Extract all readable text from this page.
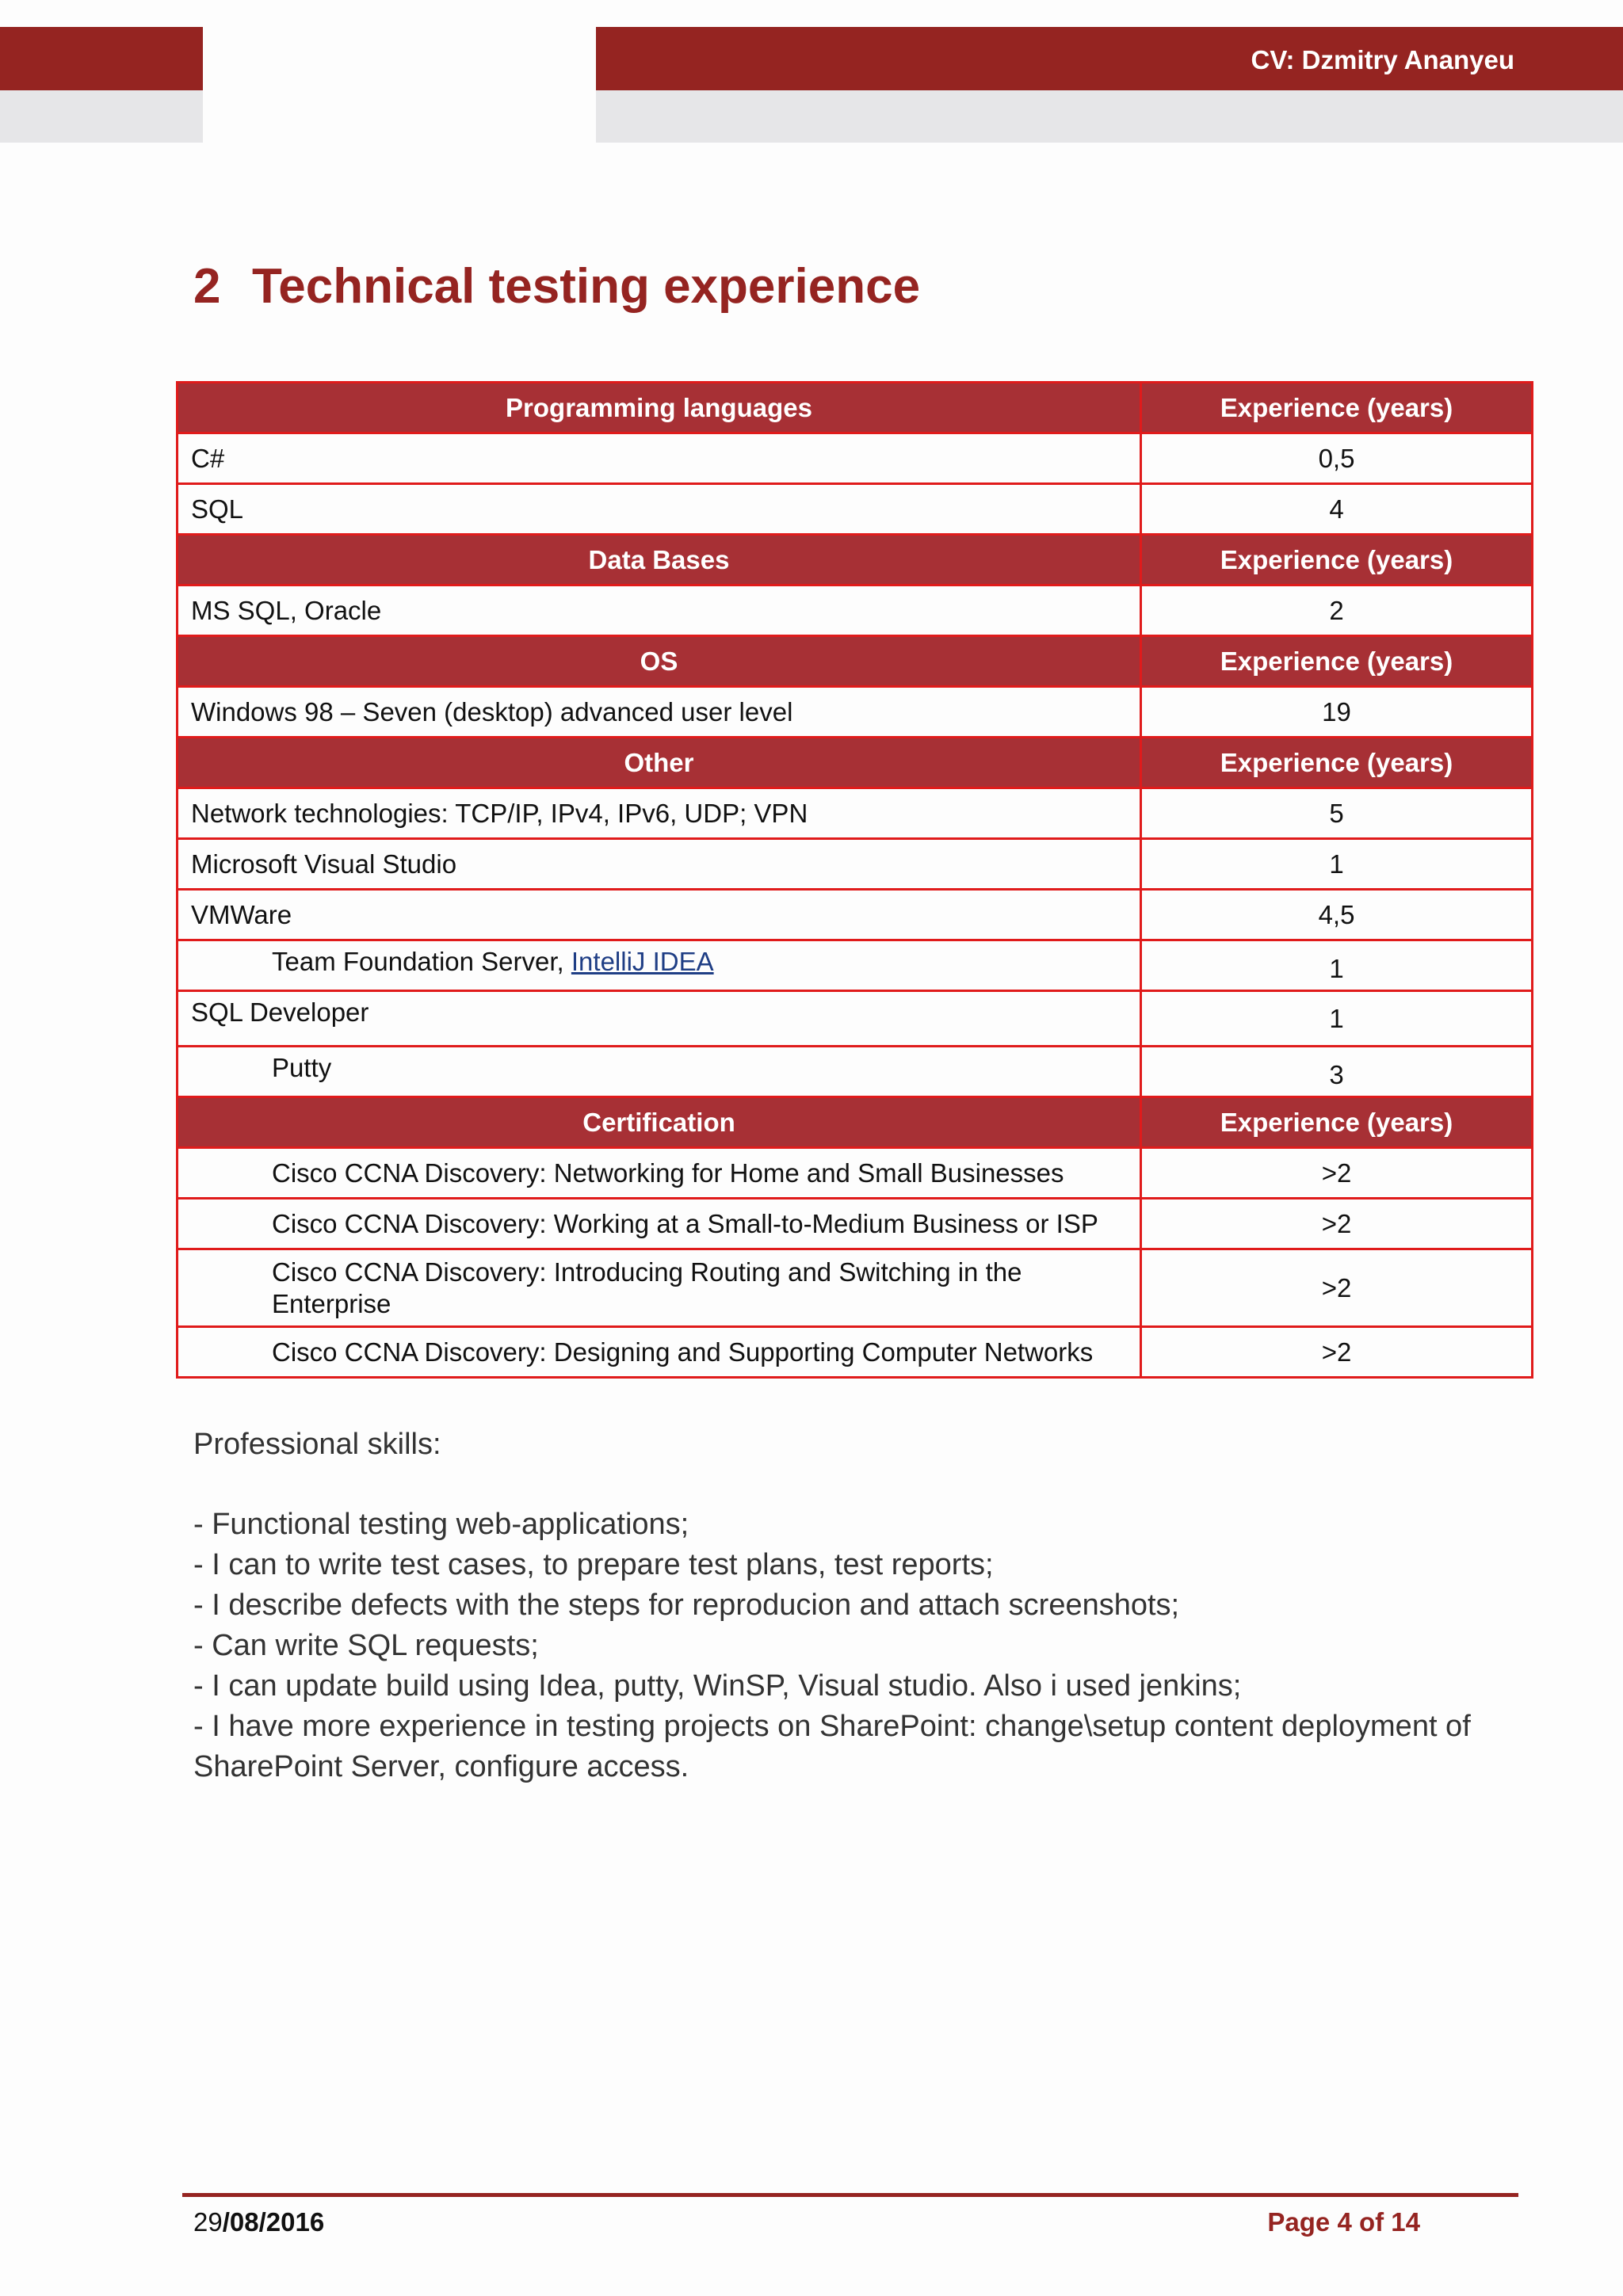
CV: Dzmitry Ananyeu
2 Technical testing experience
Programming languages	Experience (years)
C#	0,5
SQL	4
Data Bases	Experience (years)
MS SQL, Oracle	2
OS	Experience (years)
Windows 98 – Seven (desktop) advanced user level	19
Other	Experience (years)
Network technologies: TCP/IP, IPv4, IPv6, UDP; VPN	5
Microsoft Visual Studio	1
VMWare	4,5
Team Foundation Server, IntelliJ IDEA	1
SQL Developer	1
Putty	3
Certification	Experience (years)
Cisco CCNA Discovery: Networking for Home and Small Businesses	>2
Cisco CCNA Discovery: Working at a Small-to-Medium Business or ISP	>2
Cisco CCNA Discovery: Introducing Routing and Switching in the Enterprise	>2
Cisco CCNA Discovery: Designing and Supporting Computer Networks	>2

Professional skills:

- Functional testing web-applications;
- I can to write test cases, to prepare test plans, test reports;
- I describe defects with the steps for reproducion and attach screenshots;
- Can write SQL requests;
- I can update build using Idea, putty, WinSP, Visual studio. Also i used jenkins;
- I have more experience in testing projects on SharePoint: change\setup content deployment of SharePoint Server, configure access.
29/08/2016	Page 4 of 14
